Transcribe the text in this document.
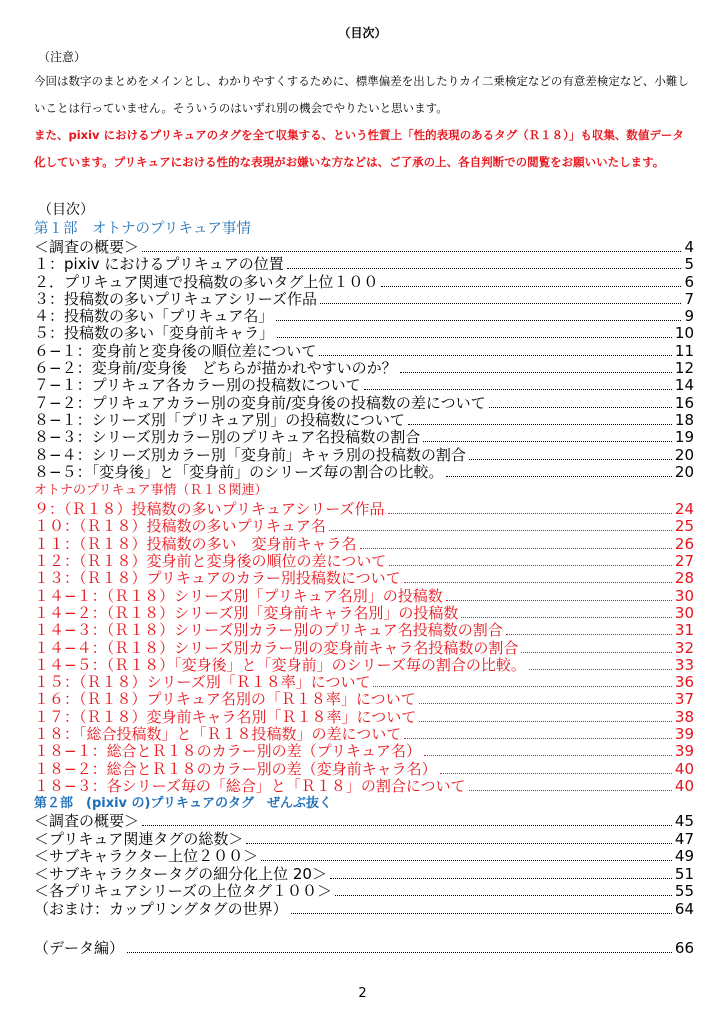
（目次）
（注意）

今回は数字のまとめをメインとし、わかりやすくするために、標準偏差を出したりカイ二乗検定などの有意差検定など、小難しいことは行っていません。そういうのはいずれ別の機会でやりたいと思います。

また、pixiv におけるプリキュアのタグを全て収集する、という性質上「性的表現のあるタグ（Ｒ１８）」も収集、数値データ化しています。プリキュアにおける性的な表現がお嫌いな方などは、ご了承の上、各自判断での閲覧をお願いいたします。

（目次）
第１部　オトナのプリキュア事情
＜調査の概要＞	4
１：pixiv におけるプリキュアの位置	5
２．プリキュア関連で投稿数の多いタグ上位１００	6
３：投稿数の多いプリキュアシリーズ作品	7
４：投稿数の多い「プリキュア名」	9
５：投稿数の多い「変身前キャラ」	10
６−１：変身前と変身後の順位差について	11
６−２：変身前/変身後　どちらが描かれやすいのか？	12
７−１：プリキュア各カラー別の投稿数について	14
７−２：プリキュアカラー別の変身前/変身後の投稿数の差について	16
８−１：シリーズ別「プリキュア別」の投稿数について	18
８−３：シリーズ別カラー別のプリキュア名投稿数の割合	19
８−４：シリーズ別カラー別「変身前」キャラ別の投稿数の割合	20
８−５：「変身後」と「変身前」のシリーズ毎の割合の比較。	20
オトナのプリキュア事情（Ｒ１８関連）
９：（Ｒ１８）投稿数の多いプリキュアシリーズ作品	24
１０：（Ｒ１８）投稿数の多いプリキュア名	25
１１：（Ｒ１８）投稿数の多い　変身前キャラ名	26
１２：（Ｒ１８）変身前と変身後の順位の差について	27
１３：（Ｒ１８）プリキュアのカラー別投稿数について	28
１４−１：（Ｒ１８）シリーズ別「プリキュア名別」の投稿数	30
１４−２：（Ｒ１８）シリーズ別「変身前キャラ名別」の投稿数	30
１４−３：（Ｒ１８）シリーズ別カラー別のプリキュア名投稿数の割合	31
１４−４：（Ｒ１８）シリーズ別カラー別の変身前キャラ名投稿数の割合	32
１４−５：（Ｒ１８）「変身後」と「変身前」のシリーズ毎の割合の比較。	33
１５：（Ｒ１８）シリーズ別「Ｒ１８率」について	36
１６：（Ｒ１８）プリキュア名別の「Ｒ１８率」について	37
１７：（Ｒ１８）変身前キャラ名別「Ｒ１８率」について	38
１８：「総合投稿数」と「Ｒ１８投稿数」の差について	39
１８−１：総合とＲ１８のカラー別の差（プリキュア名）	39
１８−２：総合とＲ１８のカラー別の差（変身前キャラ名）	40
１８−３：各シリーズ毎の「総合」と「Ｒ１８」の割合について	40
第２部　(pixiv の)プリキュアのタグ　ぜんぶ抜く
＜調査の概要＞	45
＜プリキュア関連タグの総数＞	47
＜サブキャラクター上位２００＞	49
＜サブキャラクタータグの細分化上位 20＞	51
＜各プリキュアシリーズの上位タグ１００＞	55
（おまけ：カップリングタグの世界）	64
（データ編）	66
2
